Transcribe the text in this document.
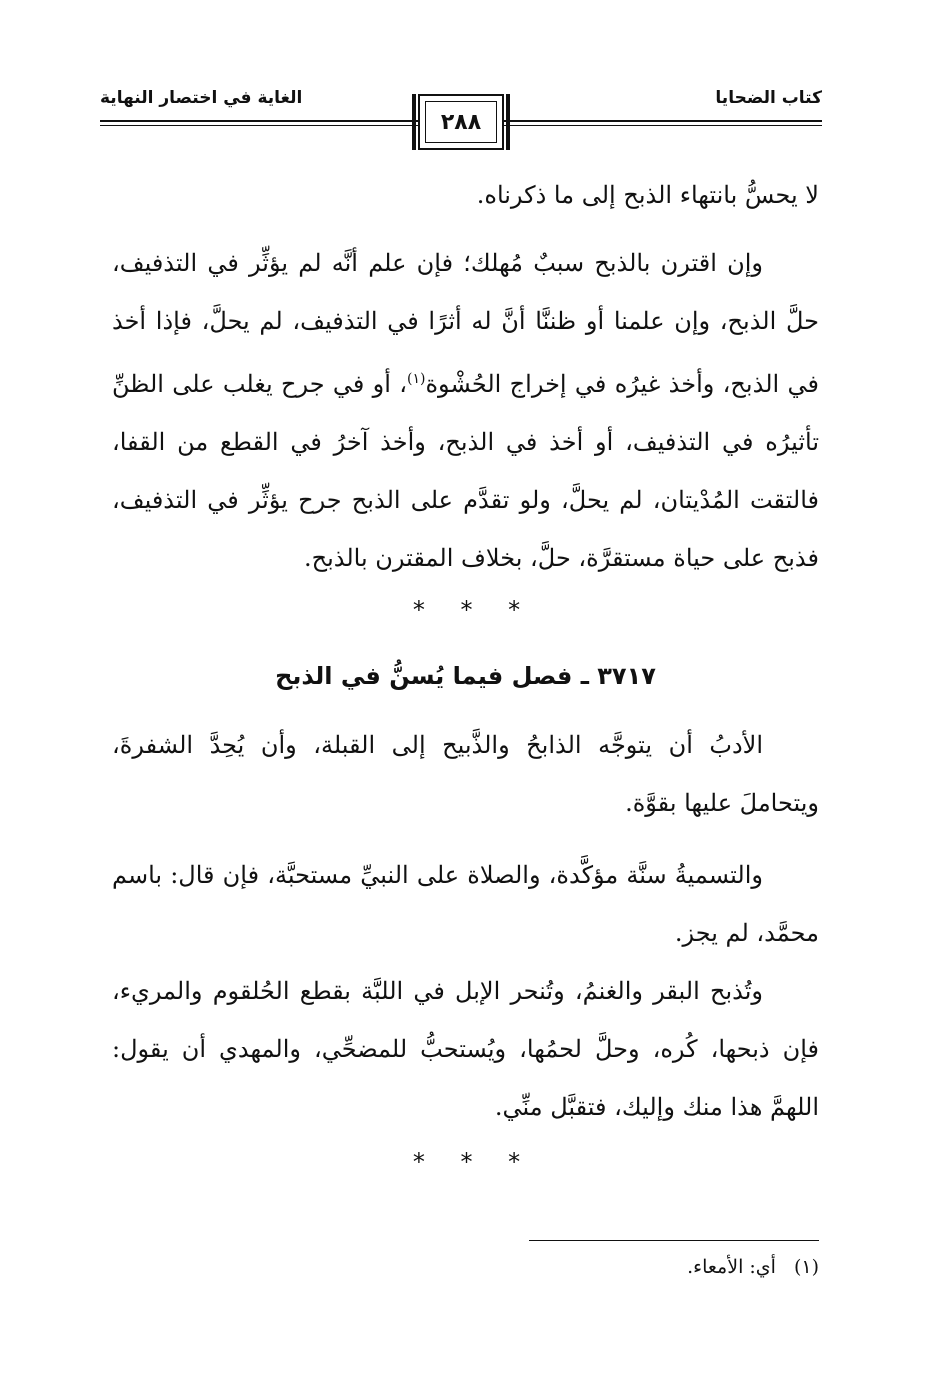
كتاب الضحايا
الغاية في اختصار النهاية
٢٨٨

لا يحسُّ بانتهاء الذبح إلى ما ذكرناه.

وإن اقترن بالذبح سببٌ مُهلك؛ فإن علم أنَّه لم يؤثِّر في التذفيف، حلَّ الذبح، وإن علمنا أو ظننَّا أنَّ له أثرًا في التذفيف، لم يحلَّ، فإذا أخذ في الذبح، وأخذ غيرُه في إخراج الحُشْوة$^{(١)}$، أو في جرح يغلب على الظنِّ تأثيرُه في التذفيف، أو أخذ في الذبح، وأخذ آخرُ في القطع من القفا، فالتقت المُدْيتان، لم يحلَّ، ولو تقدَّم على الذبح جرح يؤثِّر في التذفيف، فذبح على حياة مستقرَّة، حلَّ، بخلاف المقترن بالذبح.

* * *
٣٧١٧ ـ فصل فيما يُسنُّ في الذبح

الأدبُ أن يتوجَّه الذابحُ والذَّبيح إلى القبلة، وأن يُحِدَّ الشفرةَ، ويتحاملَ عليها بقوَّة.

والتسميةُ سنَّة مؤكَّدة، والصلاة على النبيِّ مستحبَّة، فإن قال: باسم محمَّد، لم يجز.

وتُذبح البقر والغنمُ، وتُنحر الإبل في اللبَّة بقطع الحُلقوم والمريء، فإن ذبحها، كُره، وحلَّ لحمُها، ويُستحبُّ للمضحِّي، والمهدي أن يقول: اللهمَّ هذا منك وإليك، فتقبَّل منِّي.

* * *
(١)أي: الأمعاء.
